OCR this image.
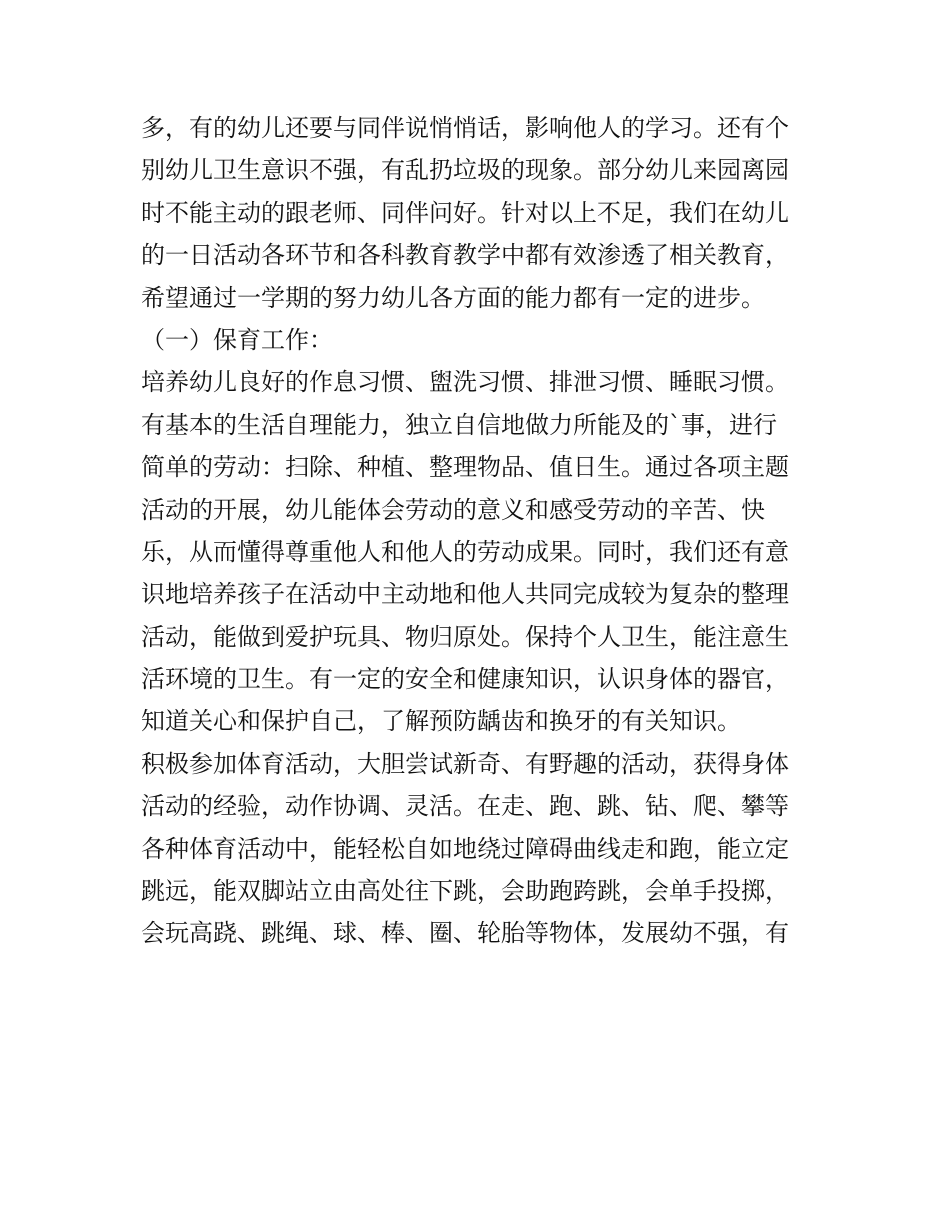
多，有的幼儿还要与同伴说悄悄话，影响他人的学习。还有个
别幼儿卫生意识不强，有乱扔垃圾的现象。部分幼儿来园离园
时不能主动的跟老师、同伴问好。针对以上不足，我们在幼儿
的一日活动各环节和各科教育教学中都有效渗透了相关教育，
希望通过一学期的努力幼儿各方面的能力都有一定的进步。
（一）保育工作：
培养幼儿良好的作息习惯、盥洗习惯、排泄习惯、睡眠习惯。
有基本的生活自理能力，独立自信地做力所能及的`事，进行
简单的劳动：扫除、种植、整理物品、值日生。通过各项主题
活动的开展，幼儿能体会劳动的意义和感受劳动的辛苦、快
乐，从而懂得尊重他人和他人的劳动成果。同时，我们还有意
识地培养孩子在活动中主动地和他人共同完成较为复杂的整理
活动，能做到爱护玩具、物归原处。保持个人卫生，能注意生
活环境的卫生。有一定的安全和健康知识，认识身体的器官，
知道关心和保护自己，了解预防龋齿和换牙的有关知识。
积极参加体育活动，大胆尝试新奇、有野趣的活动，获得身体
活动的经验，动作协调、灵活。在走、跑、跳、钻、爬、攀等
各种体育活动中，能轻松自如地绕过障碍曲线走和跑，能立定
跳远，能双脚站立由高处往下跳，会助跑跨跳，会单手投掷，
会玩高跷、跳绳、球、棒、圈、轮胎等物体，发展幼不强，有
